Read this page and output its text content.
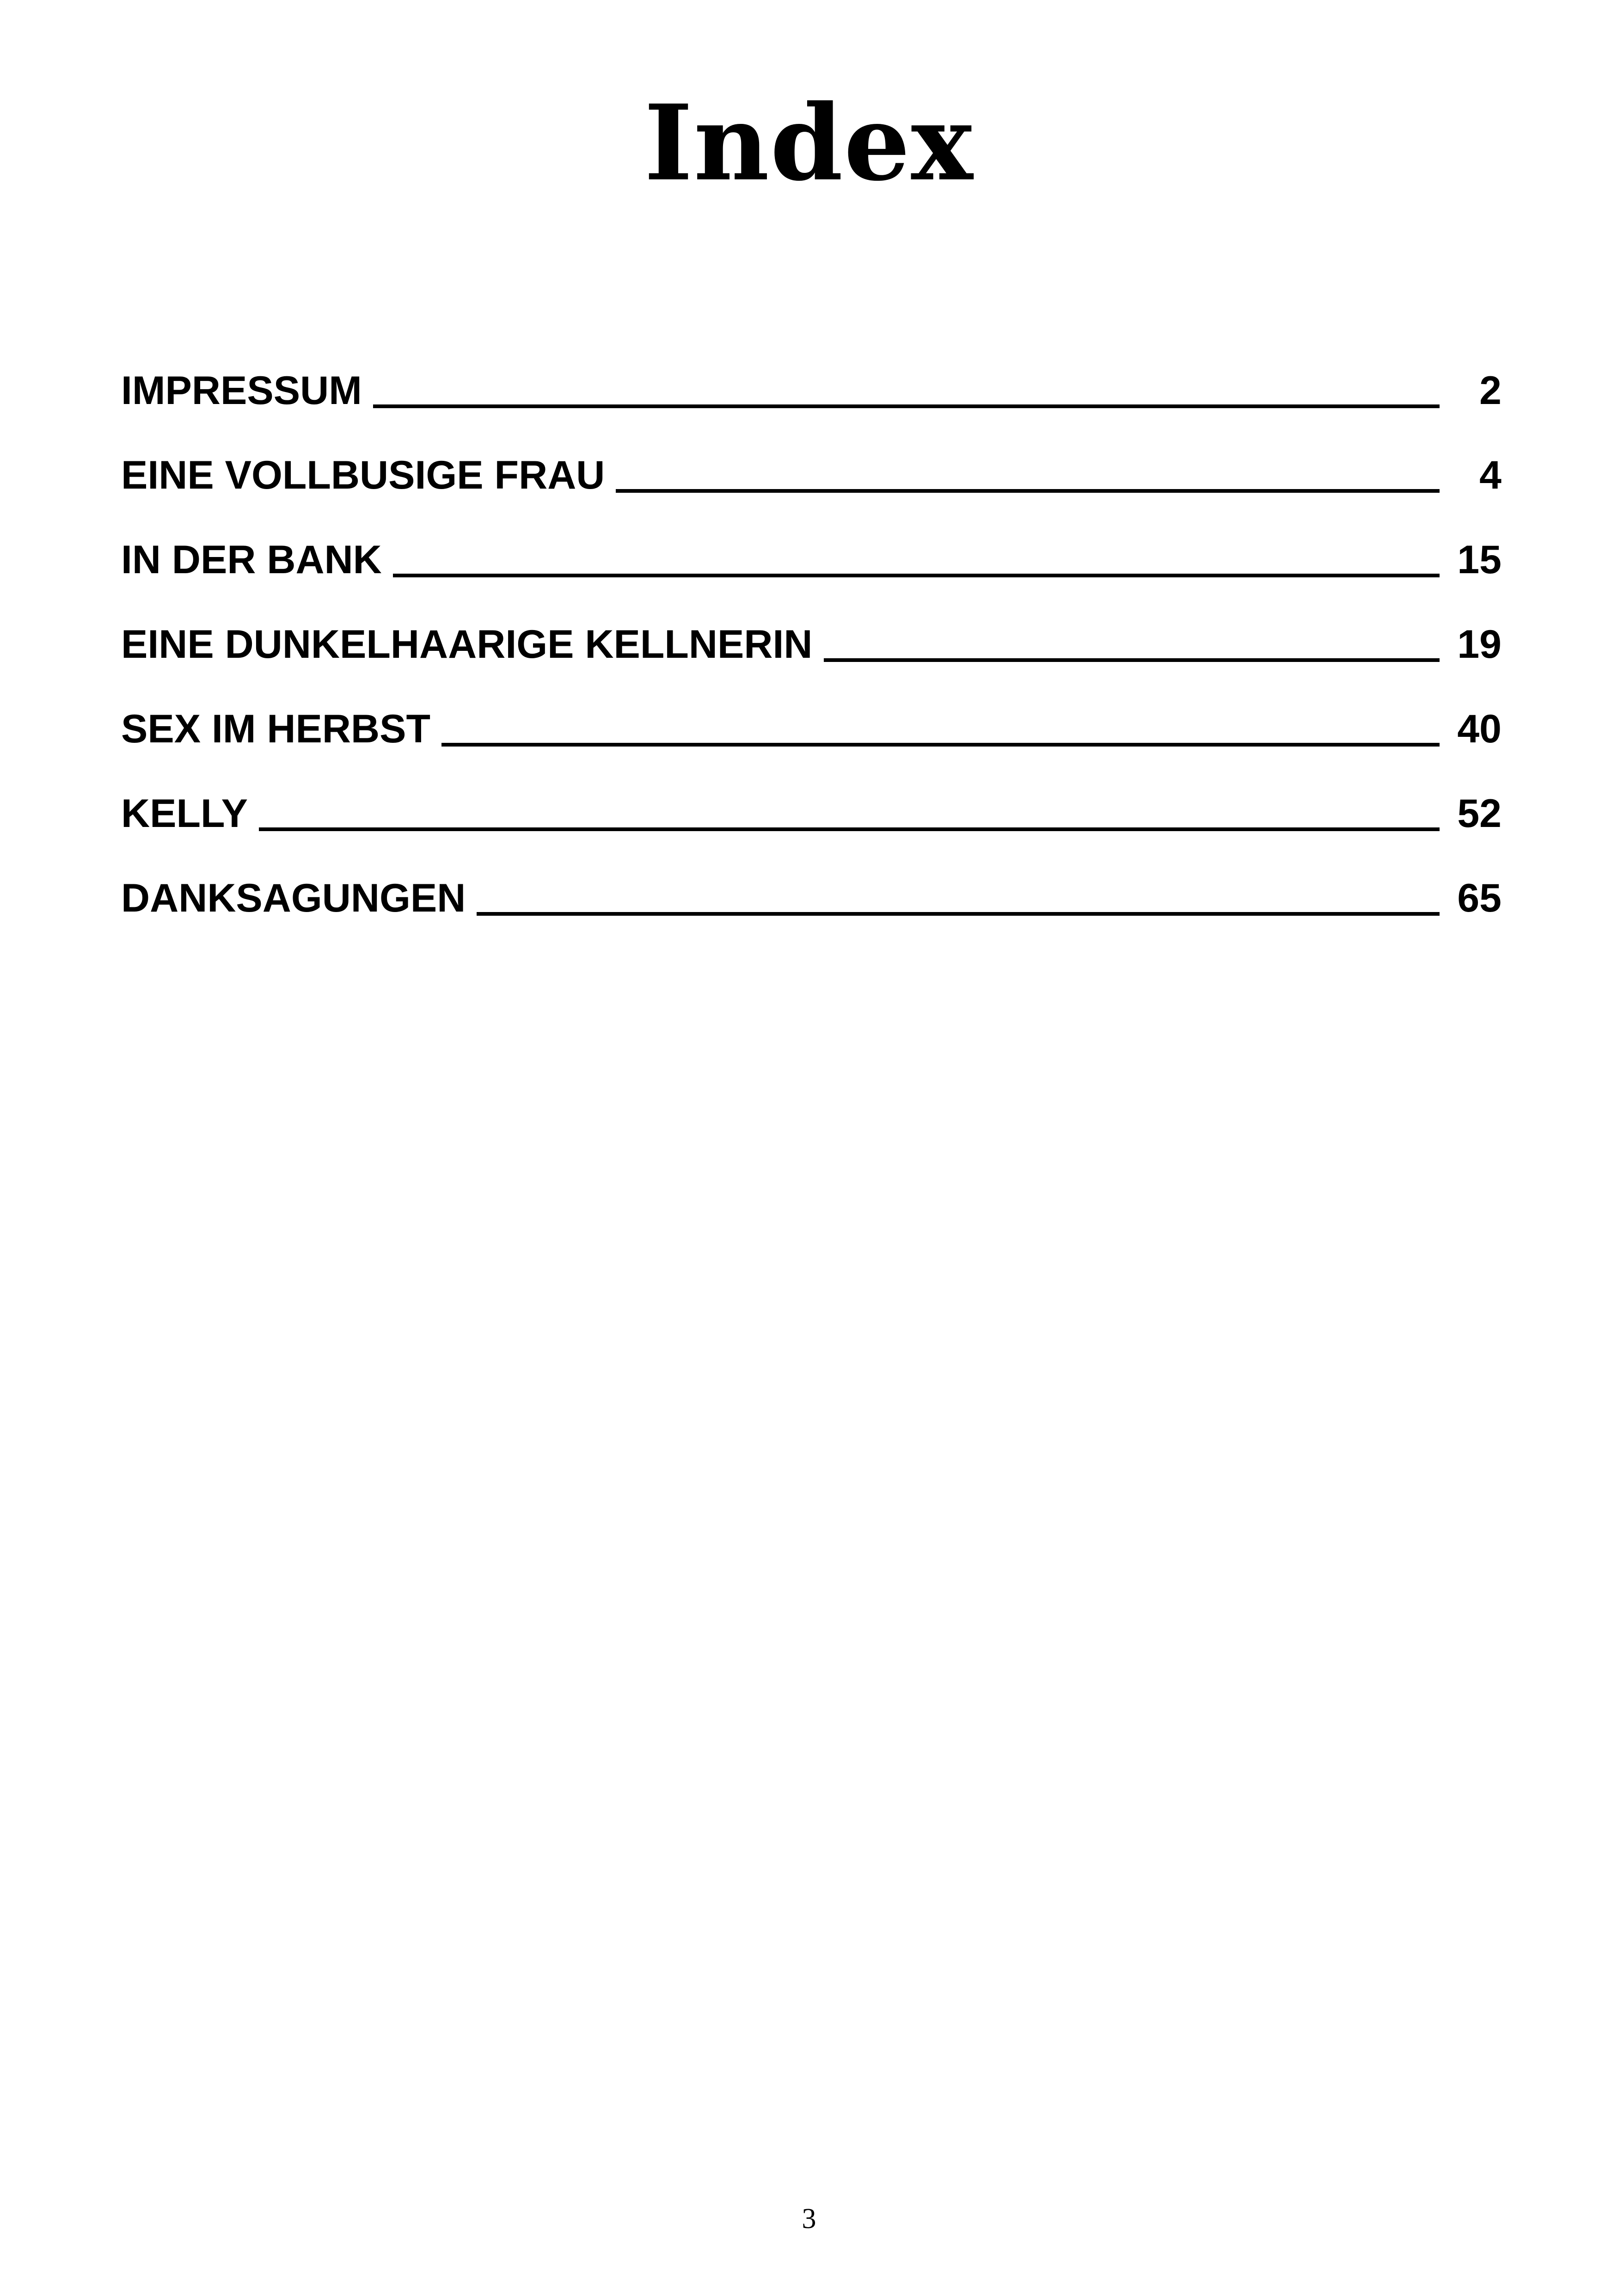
Index
IMPRESSUM	2
EINE VOLLBUSIGE FRAU	4
IN DER BANK	15
EINE DUNKELHAARIGE KELLNERIN	19
SEX IM HERBST	40
KELLY	52
DANKSAGUNGEN	65
3
